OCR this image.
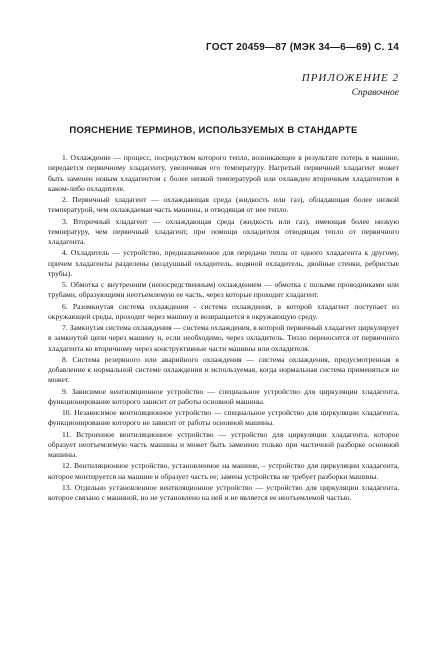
ГОСТ 20459—87 (МЭК 34—6—69) С. 14
ПРИЛОЖЕНИЕ 2
Справочное
ПОЯСНЕНИЕ ТЕРМИНОВ, ИСПОЛЬЗУЕМЫХ В СТАНДАРТЕ

1. Охлаждение — процесс, посредством которого тепло, возникающее в результате потерь в машине, передается первичному хладагенту, увеличивая его температуру. Нагретый первичный хладагент может быть заменен новым хладагентом с более низкой температурой или охлажден вторичным хладагентом в каком-либо охладителе.

2. Первичный хладагент — охлаждающая среда (жидкость или газ), обладающая более низкой температурой, чем охлаждаемая часть машины, и отводящая от нее тепло.

3. Вторичный хладагент — охлаждающая среда (жидкость или газ), имеющая более низкую температуру, чем первичный хладагент, при помощи охладителя отводящая тепло от первичного хладагента.

4. Охладитель — устройство, предназначенное для передачи тепла от одного хладагента к другому, причем хладагенты разделены (воздушный охладитель, водяной охладитель, двойные стенки, ребристые трубы).

5. Обмотка с внутренним (непосредственным) охлаждением — обмотка с полыми проводниками или трубами, образующими неотъемлемую ее часть, через которые проходит хладагент.

6. Разомкнутая система охлаждения - система охлаждения, в которой хладагент поступает из окружающей среды, проходит через машину и возвращается в окружающую среду.

7. Замкнутая система охлаждения — система охлаждения, в которой первичный хладагент циркулирует в замкнутой цепи через машину и, если необходимо, через охладитель. Тепло переносится от первичного хладагента ко вторичному через конструктивные части машины или охладителя.

8. Система резервного или аварийного охлаждения — система охлаждения, предусмотренная в добавление к нормальной системе охлаждения и используемая, когда нормальная система применяться не может.

9. Зависимое вентиляционное устройство — специальное устройство для циркуляции хладагента, функционирование которого зависит от работы основной машины.

10. Независимое вентиляционное устройство — специальное устройство для циркуляции хладагента, функционирование которого не зависит от работы основной машины.

11. Встроенное вентиляционное устройство — устройство для циркуляции хладагента, которое образует неотъемлемую часть машины и может быть заменено только при частичной разборке основной машины.

12. Вентиляционное устройство, установленное на машине, – устройство для циркуляции хладагента, которое монтируется на машине и образует часть ее; замена устройства не требует разборки машины.

13. Отдельно установленное вентиляционное устройство — устройство для циркуляции хладагента, которое связано с машиной, но не установлено на ней и не является ее неотъемлемой частью.
